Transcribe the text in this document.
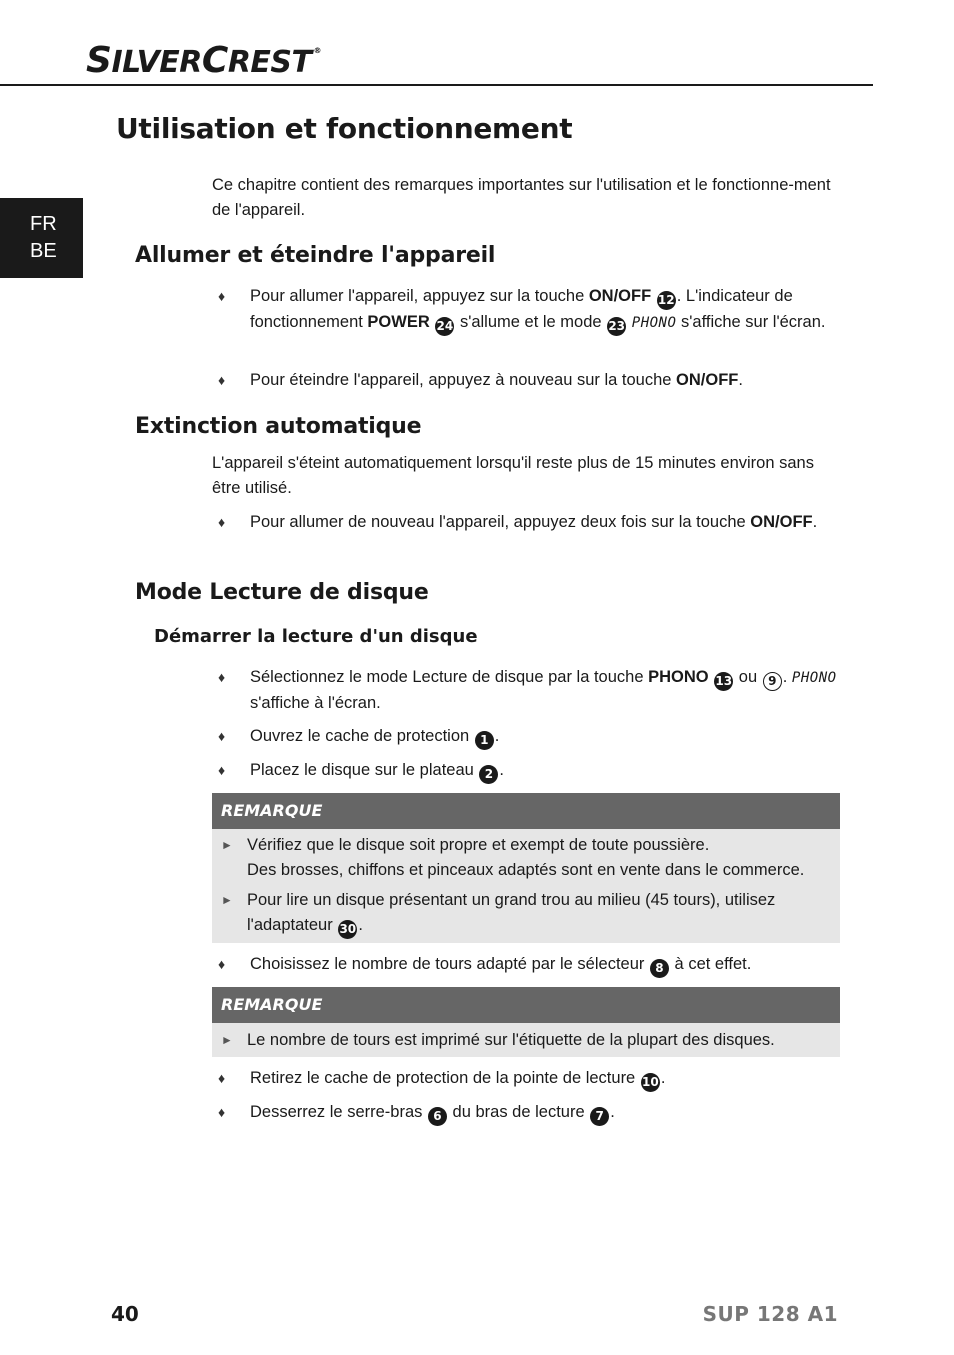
SILVERCREST ®
FR
BE
Utilisation et fonctionnement

Ce chapitre contient des remarques importantes sur l'utilisation et le fonctionne-ment de l'appareil.

Allumer et éteindre l'appareil
♦ Pour allumer l'appareil, appuyez sur la touche ON/OFF 12 . L'indicateur de fonctionnement POWER 24 s'allume et le mode 23 PHONO s'affiche sur l'écran.
♦ Pour éteindre l'appareil, appuyez à nouveau sur la touche ON/OFF.
Extinction automatique

L'appareil s'éteint automatiquement lorsqu'il reste plus de 15 minutes environ sans être utilisé.

♦ Pour allumer de nouveau l'appareil, appuyez deux fois sur la touche ON/OFF.
Mode Lecture de disque
Démarrer la lecture d'un disque
♦ Sélectionnez le mode Lecture de disque par la touche PHONO 13 ou 9 . PHONO s'affiche à l'écran.
♦ Ouvrez le cache de protection 1 .
♦ Placez le disque sur le plateau 2 .
REMARQUE
► Vérifiez que le disque soit propre et exempt de toute poussière.
Des brosses, chiffons et pinceaux adaptés sont en vente dans le commerce.
► Pour lire un disque présentant un grand trou au milieu (45 tours), utilisez l'adaptateur 30 .
♦ Choisissez le nombre de tours adapté par le sélecteur 8 à cet effet.
REMARQUE
► Le nombre de tours est imprimé sur l'étiquette de la plupart des disques.
♦ Retirez le cache de protection de la pointe de lecture 10 .
♦ Desserrez le serre-bras 6 du bras de lecture 7 .
40	SUP 128 A1
